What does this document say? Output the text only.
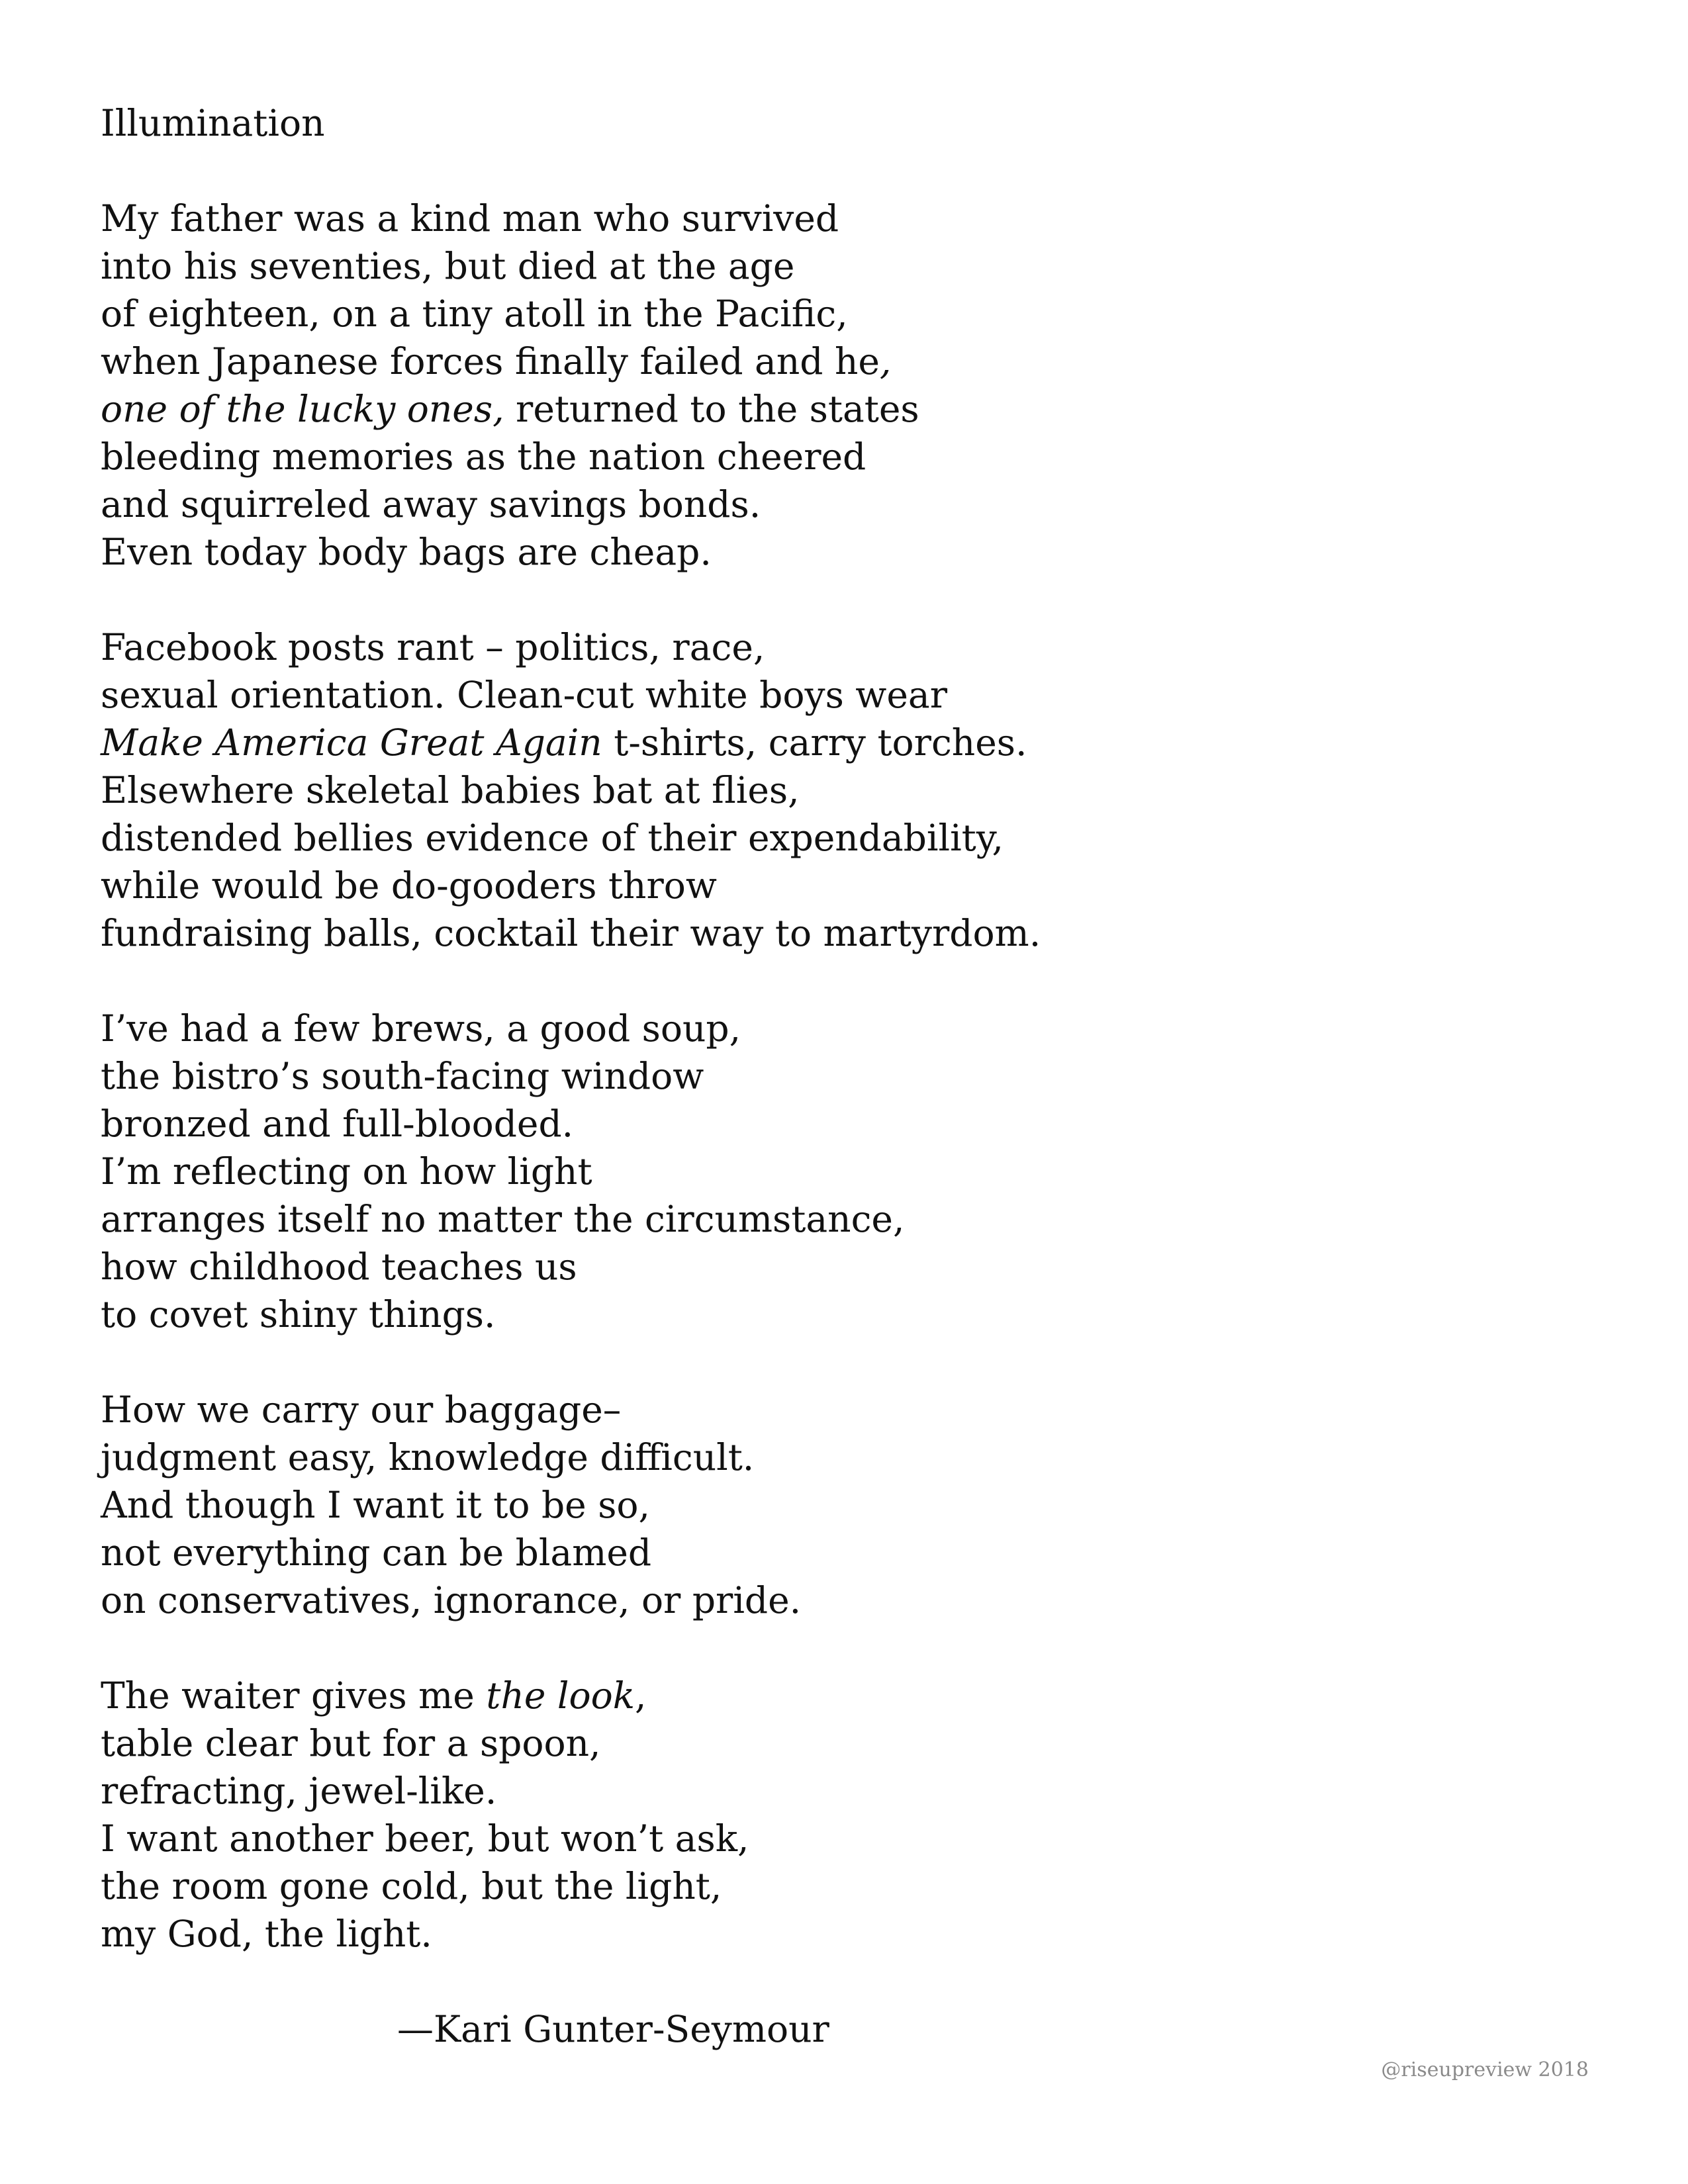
Illumination
My father was a kind man who survived
into his seventies, but died at the age
of eighteen, on a tiny atoll in the Pacific,
when Japanese forces finally failed and he,
one of the lucky ones, returned to the states
bleeding memories as the nation cheered
and squirreled away savings bonds.
Even today body bags are cheap.
Facebook posts rant – politics, race,
sexual orientation. Clean-cut white boys wear
Make America Great Again t-shirts, carry torches.
Elsewhere skeletal babies bat at flies,
distended bellies evidence of their expendability,
while would be do-gooders throw
fundraising balls, cocktail their way to martyrdom.
I’ve had a few brews, a good soup,
the bistro’s south-facing window
bronzed and full-blooded.
I’m reflecting on how light
arranges itself no matter the circumstance,
how childhood teaches us
to covet shiny things.
How we carry our baggage–
judgment easy, knowledge difficult.
And though I want it to be so,
not everything can be blamed
on conservatives, ignorance, or pride.
The waiter gives me the look,
table clear but for a spoon,
refracting, jewel-like.
I want another beer, but won’t ask,
the room gone cold, but the light,
my God, the light.
—Kari Gunter-Seymour
@riseupreview 2018
